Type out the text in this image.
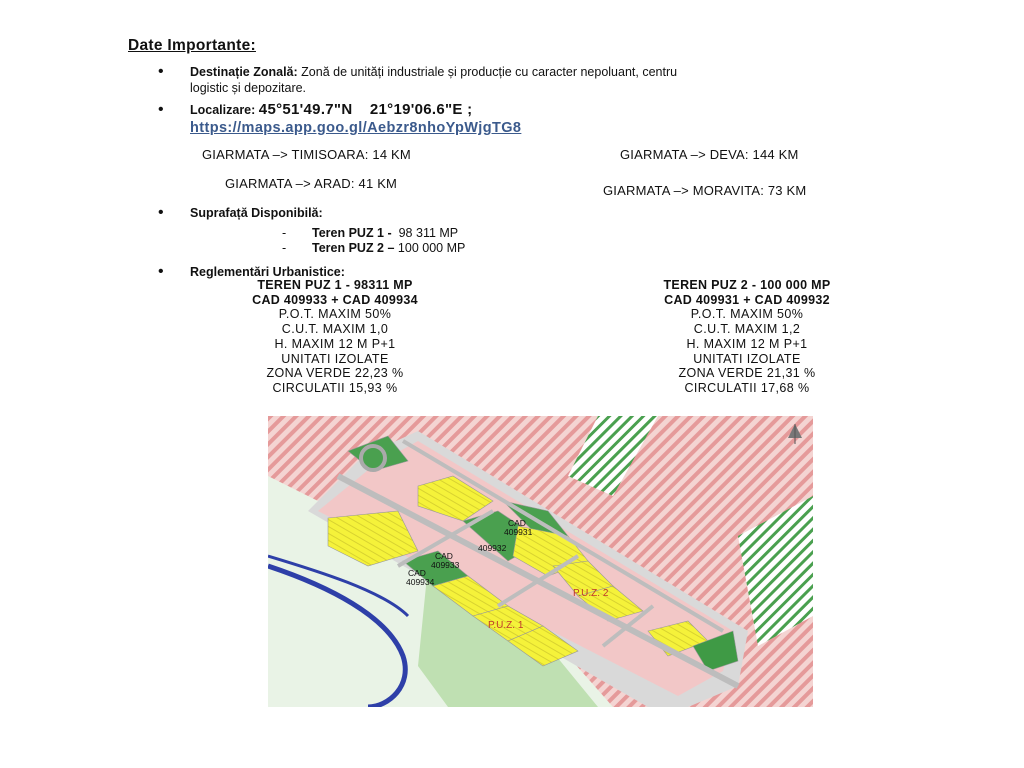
Date Importante:
• Destinație Zonală: Zonă de unități industriale și producție cu caracter nepoluant, centru
logistic și depozitare.
• Localizare: 45°51'49.7"N 21°19'06.6"E ;
https://maps.app.goo.gl/Aebzr8nhoYpWjgTG8
GIARMATA –> TIMISOARA: 14 KM	GIARMATA –> DEVA: 144 KM
GIARMATA –> ARAD: 41 KM	GIARMATA –> MORAVITA: 73 KM
• Suprafață Disponibilă:
- Teren PUZ 1 - 98 311 MP
- Teren PUZ 2 – 100 000 MP
• Reglementări Urbanistice:
TEREN PUZ 1 - 98311 MP
CAD 409933 + CAD 409934
P.O.T. MAXIM 50%
C.U.T. MAXIM 1,0
H. MAXIM 12 M P+1
UNITATI IZOLATE
ZONA VERDE 22,23 %
CIRCULATII 15,93 %
TEREN PUZ 2 - 100 000 MP
CAD 409931 + CAD 409932
P.O.T. MAXIM 50%
C.U.T. MAXIM 1,2
H. MAXIM 12 M P+1
UNITATI IZOLATE
ZONA VERDE 21,31 %
CIRCULATII 17,68 %
CAD 409931
409932
CAD 409933
CAD 409934
P.U.Z. 1
P.U.Z. 2
